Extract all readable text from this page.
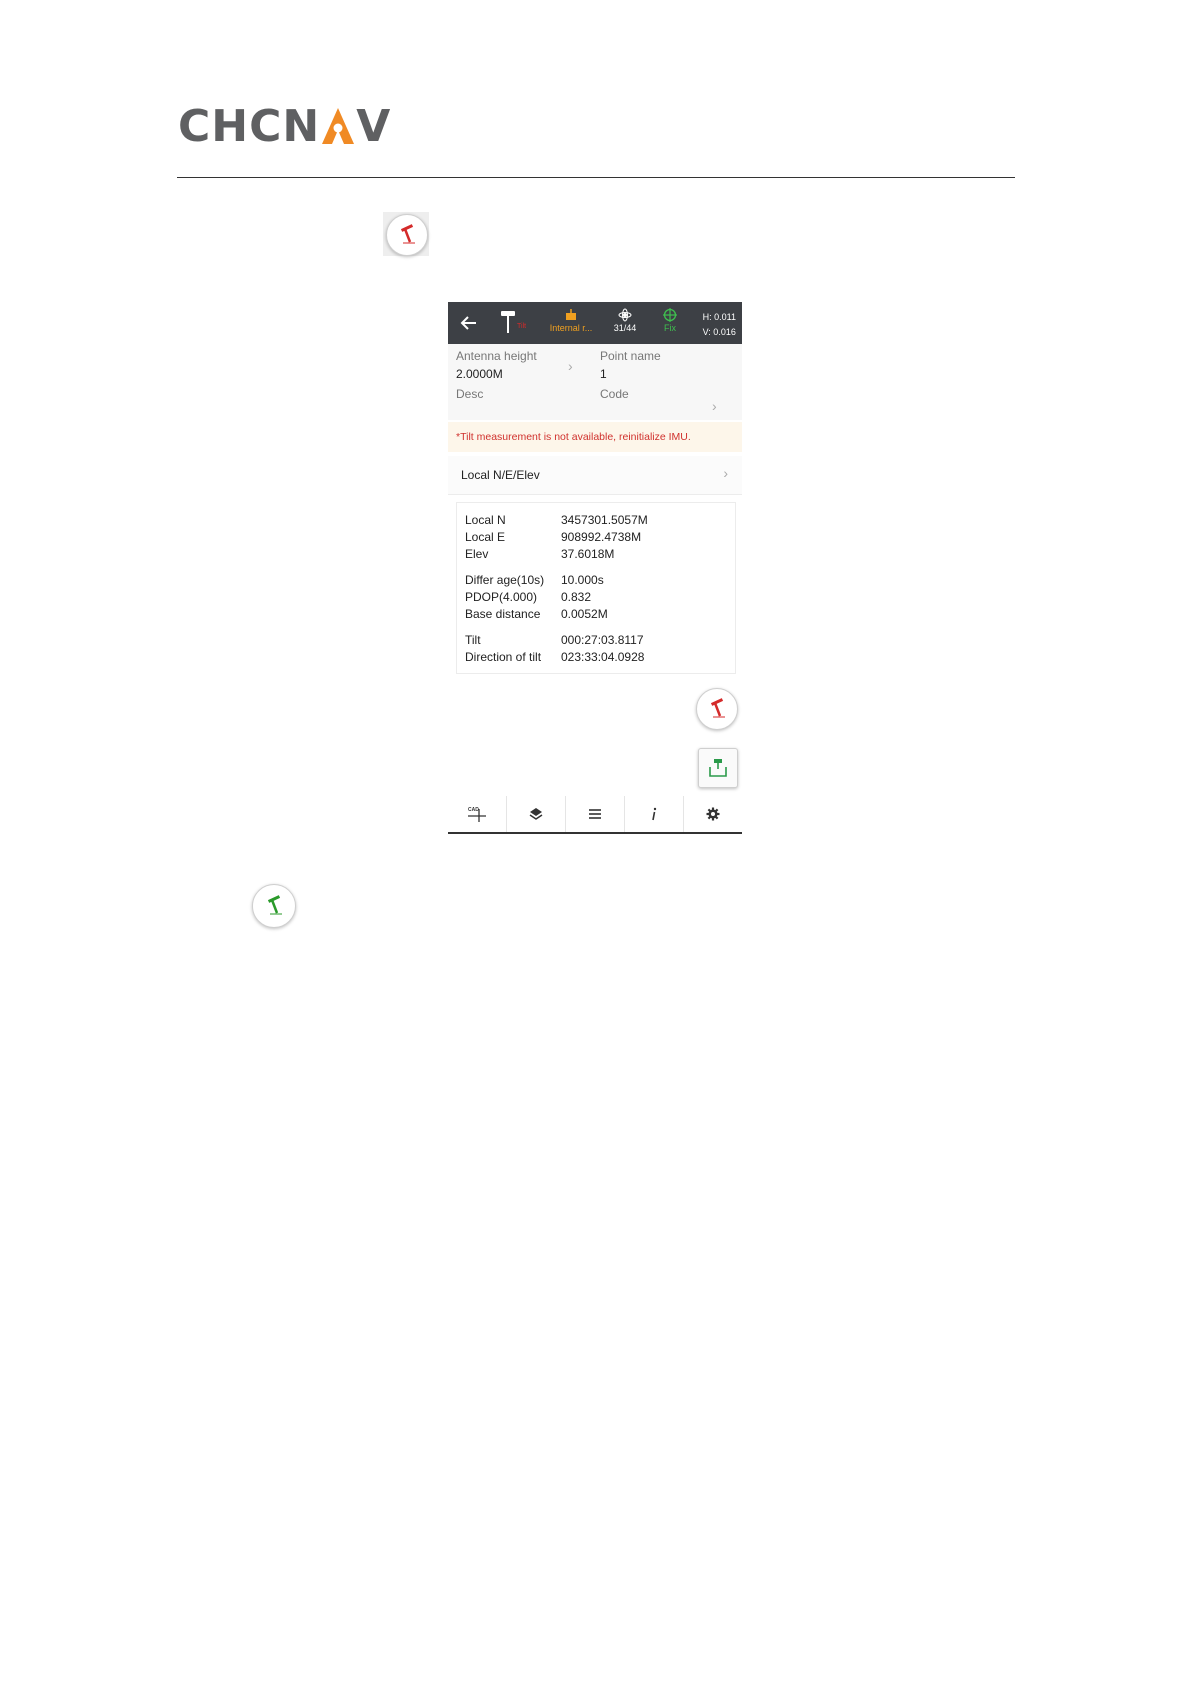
CHCN V
Tilt	Internal r...	31/44	Fix
H: 0.011
V: 0.016
Antenna height
2.0000M	›
Point name
1
Desc	Code
›
*Tilt measurement is not available, reinitialize IMU.
Local N/E/Elev	›
Local N	3457301.5057M
Local E	908992.4738M
Elev	37.6018M
Differ age(10s) 10.000s
PDOP(4.000) 0.832
Base distance 0.0052M
Tilt	000:27:03.8117
Direction of tilt 023:33:04.0928
CAD
